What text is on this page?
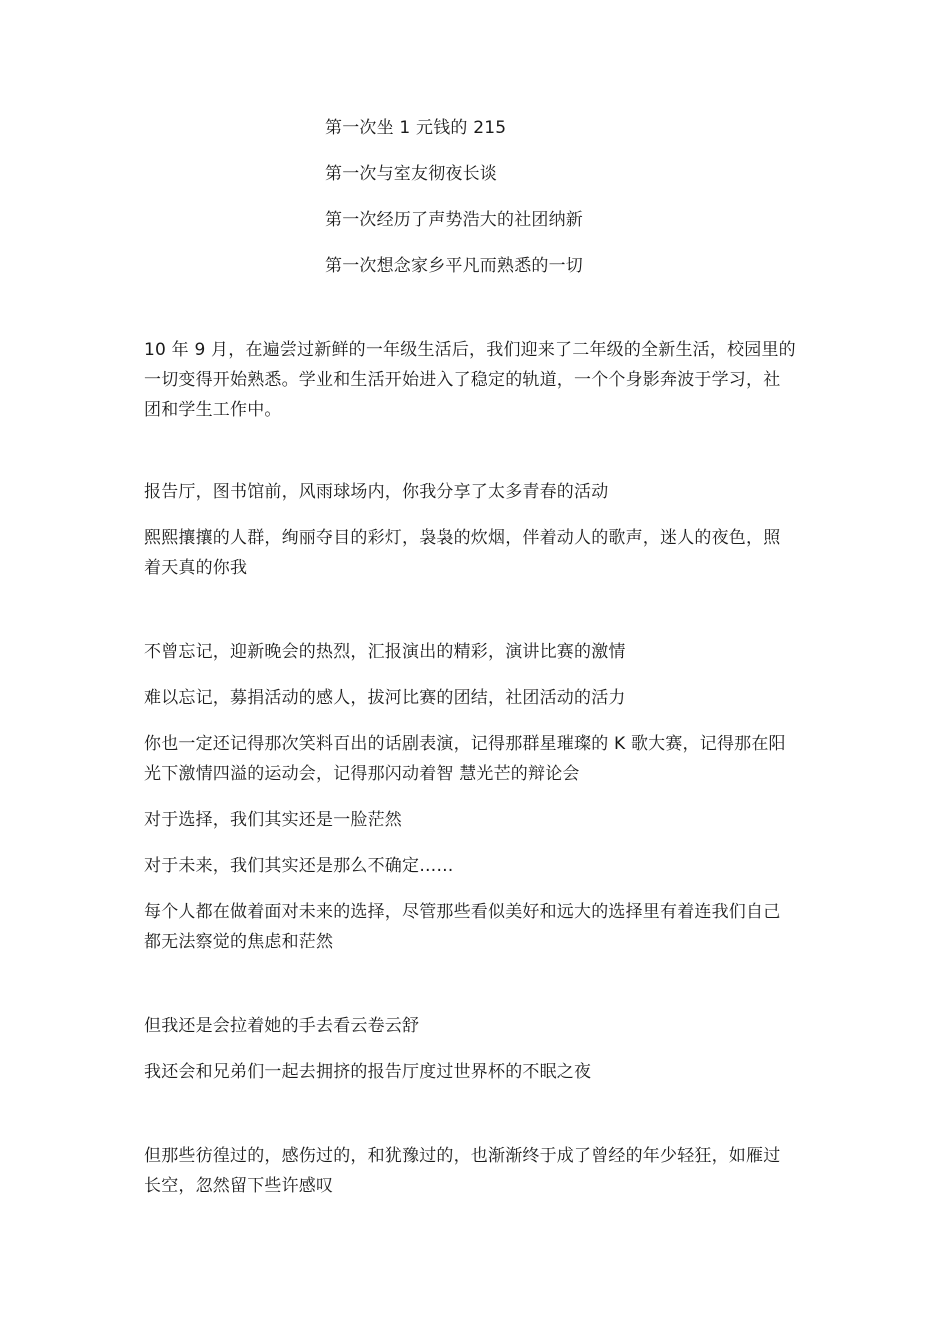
第一次坐 1 元钱的 215
第一次与室友彻夜长谈
第一次经历了声势浩大的社团纳新
第一次想念家乡平凡而熟悉的一切
10 年 9 月，在遍尝过新鲜的一年级生活后，我们迎来了二年级的全新生活，校园里的
一切变得开始熟悉。学业和生活开始进入了稳定的轨道，一个个身影奔波于学习，社
团和学生工作中。
报告厅，图书馆前，风雨球场内，你我分享了太多青春的活动
熙熙攘攘的人群，绚丽夺目的彩灯，袅袅的炊烟，伴着动人的歌声，迷人的夜色，照
着天真的你我
不曾忘记，迎新晚会的热烈，汇报演出的精彩，演讲比赛的激情
难以忘记，募捐活动的感人，拔河比赛的团结，社团活动的活力
你也一定还记得那次笑料百出的话剧表演，记得那群星璀璨的 K 歌大赛，记得那在阳
光下激情四溢的运动会，记得那闪动着智 慧光芒的辩论会
对于选择，我们其实还是一脸茫然
对于未来，我们其实还是那么不确定……
每个人都在做着面对未来的选择，尽管那些看似美好和远大的选择里有着连我们自己
都无法察觉的焦虑和茫然
但我还是会拉着她的手去看云卷云舒
我还会和兄弟们一起去拥挤的报告厅度过世界杯的不眠之夜
但那些彷徨过的，感伤过的，和犹豫过的，也渐渐终于成了曾经的年少轻狂，如雁过
长空，忽然留下些许感叹
